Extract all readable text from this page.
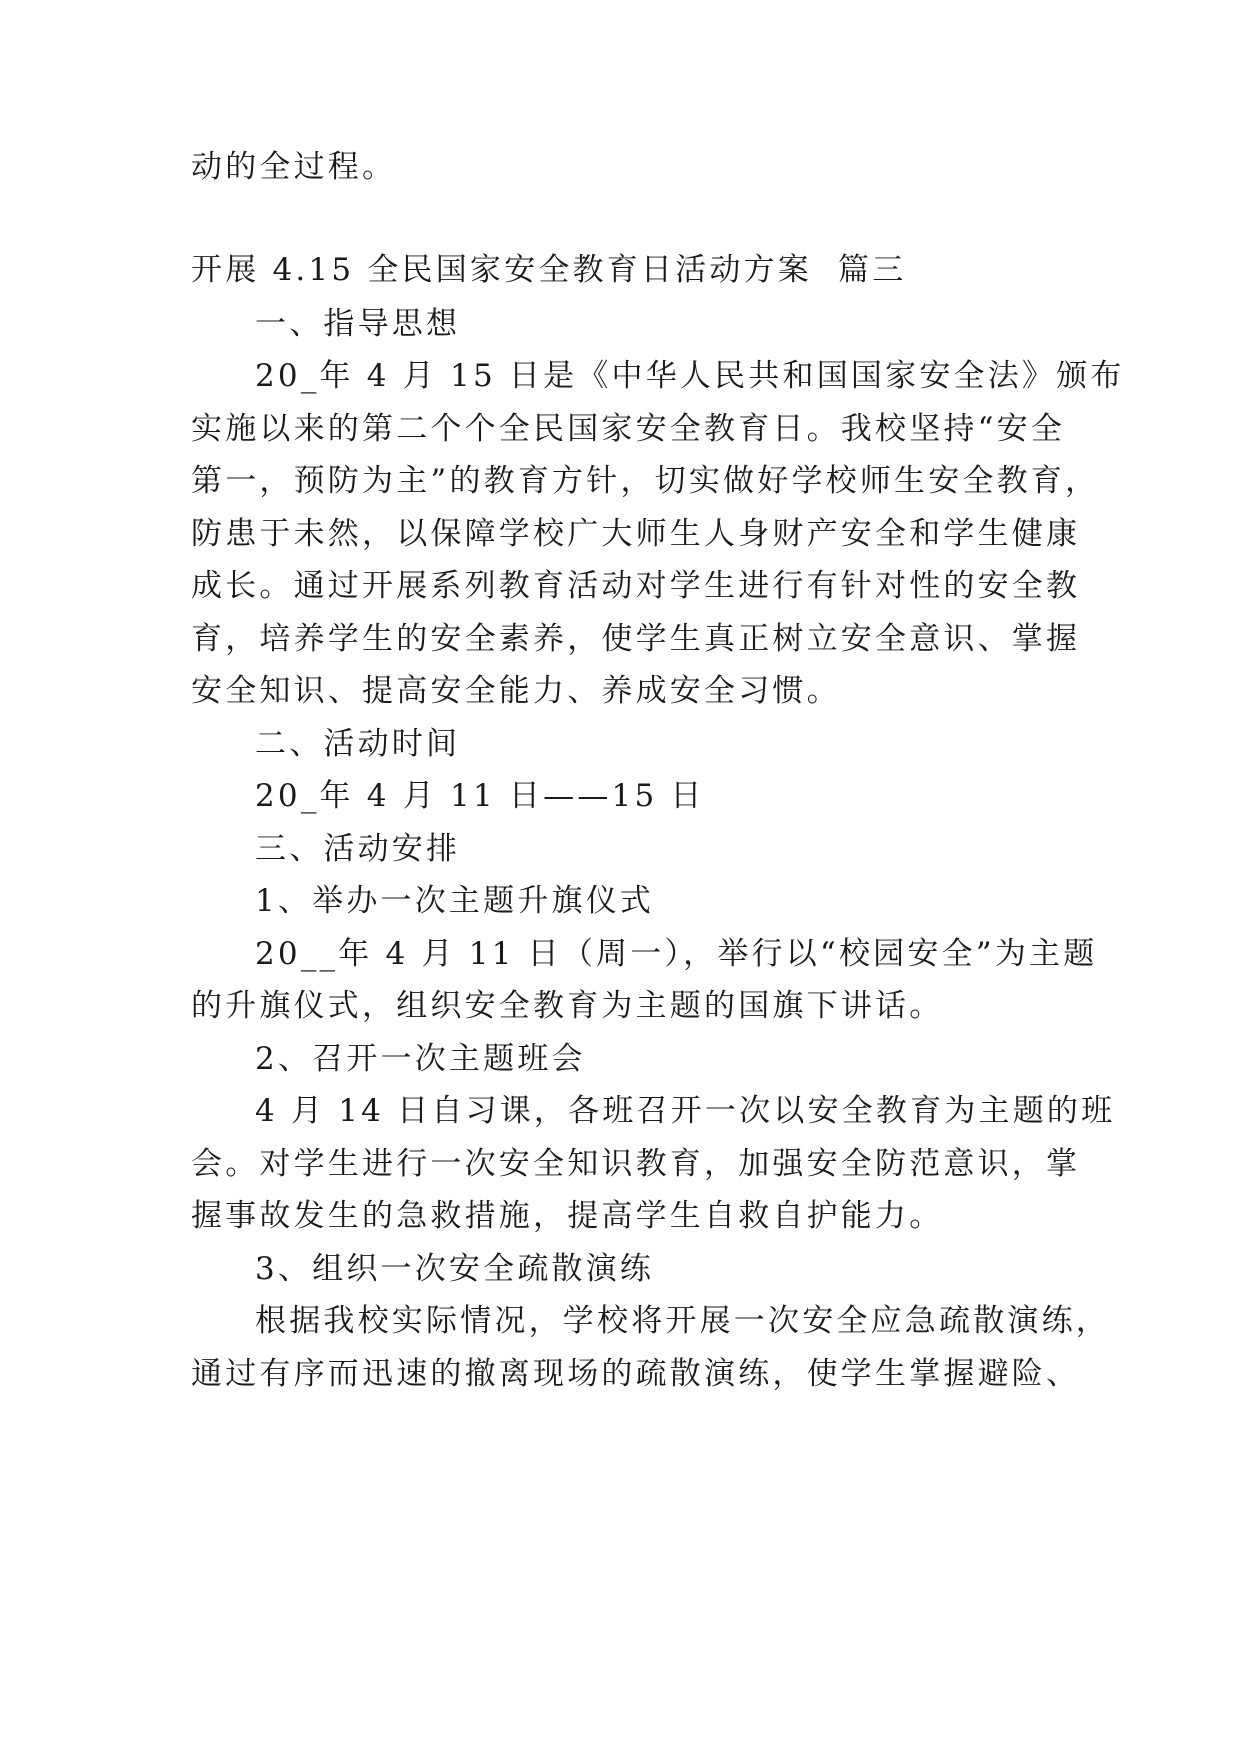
动的全过程。
开展 4.15 全民国家安全教育日活动方案  篇三
一、指导思想
20_年 4 月 15 日是《中华人民共和国国家安全法》颁布
实施以来的第二个个全民国家安全教育日。我校坚持“安全
第一，预防为主”的教育方针，切实做好学校师生安全教育，
防患于未然，以保障学校广大师生人身财产安全和学生健康
成长。通过开展系列教育活动对学生进行有针对性的安全教
育，培养学生的安全素养，使学生真正树立安全意识、掌握
安全知识、提高安全能力、养成安全习惯。
二、活动时间
20_年 4 月 11 日——15 日
三、活动安排
1、举办一次主题升旗仪式
20__年 4 月 11 日（周一），举行以“校园安全”为主题
的升旗仪式，组织安全教育为主题的国旗下讲话。
2、召开一次主题班会
4 月 14 日自习课，各班召开一次以安全教育为主题的班
会。对学生进行一次安全知识教育，加强安全防范意识，掌
握事故发生的急救措施，提高学生自救自护能力。
3、组织一次安全疏散演练
根据我校实际情况，学校将开展一次安全应急疏散演练，
通过有序而迅速的撤离现场的疏散演练，使学生掌握避险、
